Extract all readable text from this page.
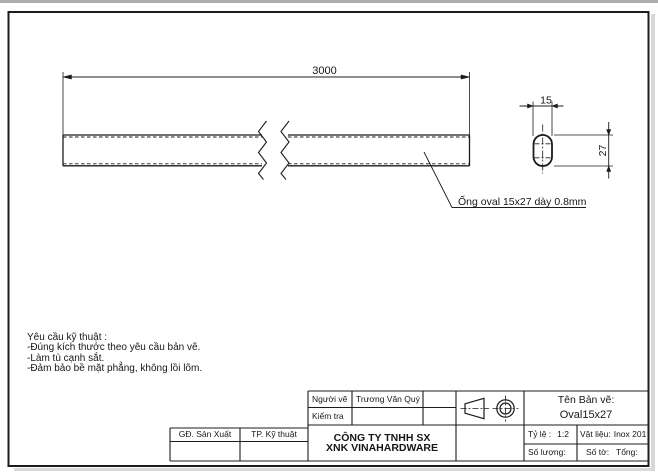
3000
Ống oval 15x27 dày 0.8mm
15
27
Yêu cầu kỹ thuật :
-Đúng kích thước theo yêu cầu bản vẽ.
-Làm tù cạnh sắt.
-Đảm bảo bề mặt phẳng, không lồi lõm.
Người vẽ	Trương Văn Quý
Kiểm tra
Tên Bản vẽ:
Oval15x27
Tỷ lệ : 1:2 Vật liệu: Inox 201
Số lượng:	Số tờ: Tổng:
CÔNG TY TNHH SX
XNK VINAHARDWARE
GĐ. Sản Xuất	TP. Kỹ thuật
